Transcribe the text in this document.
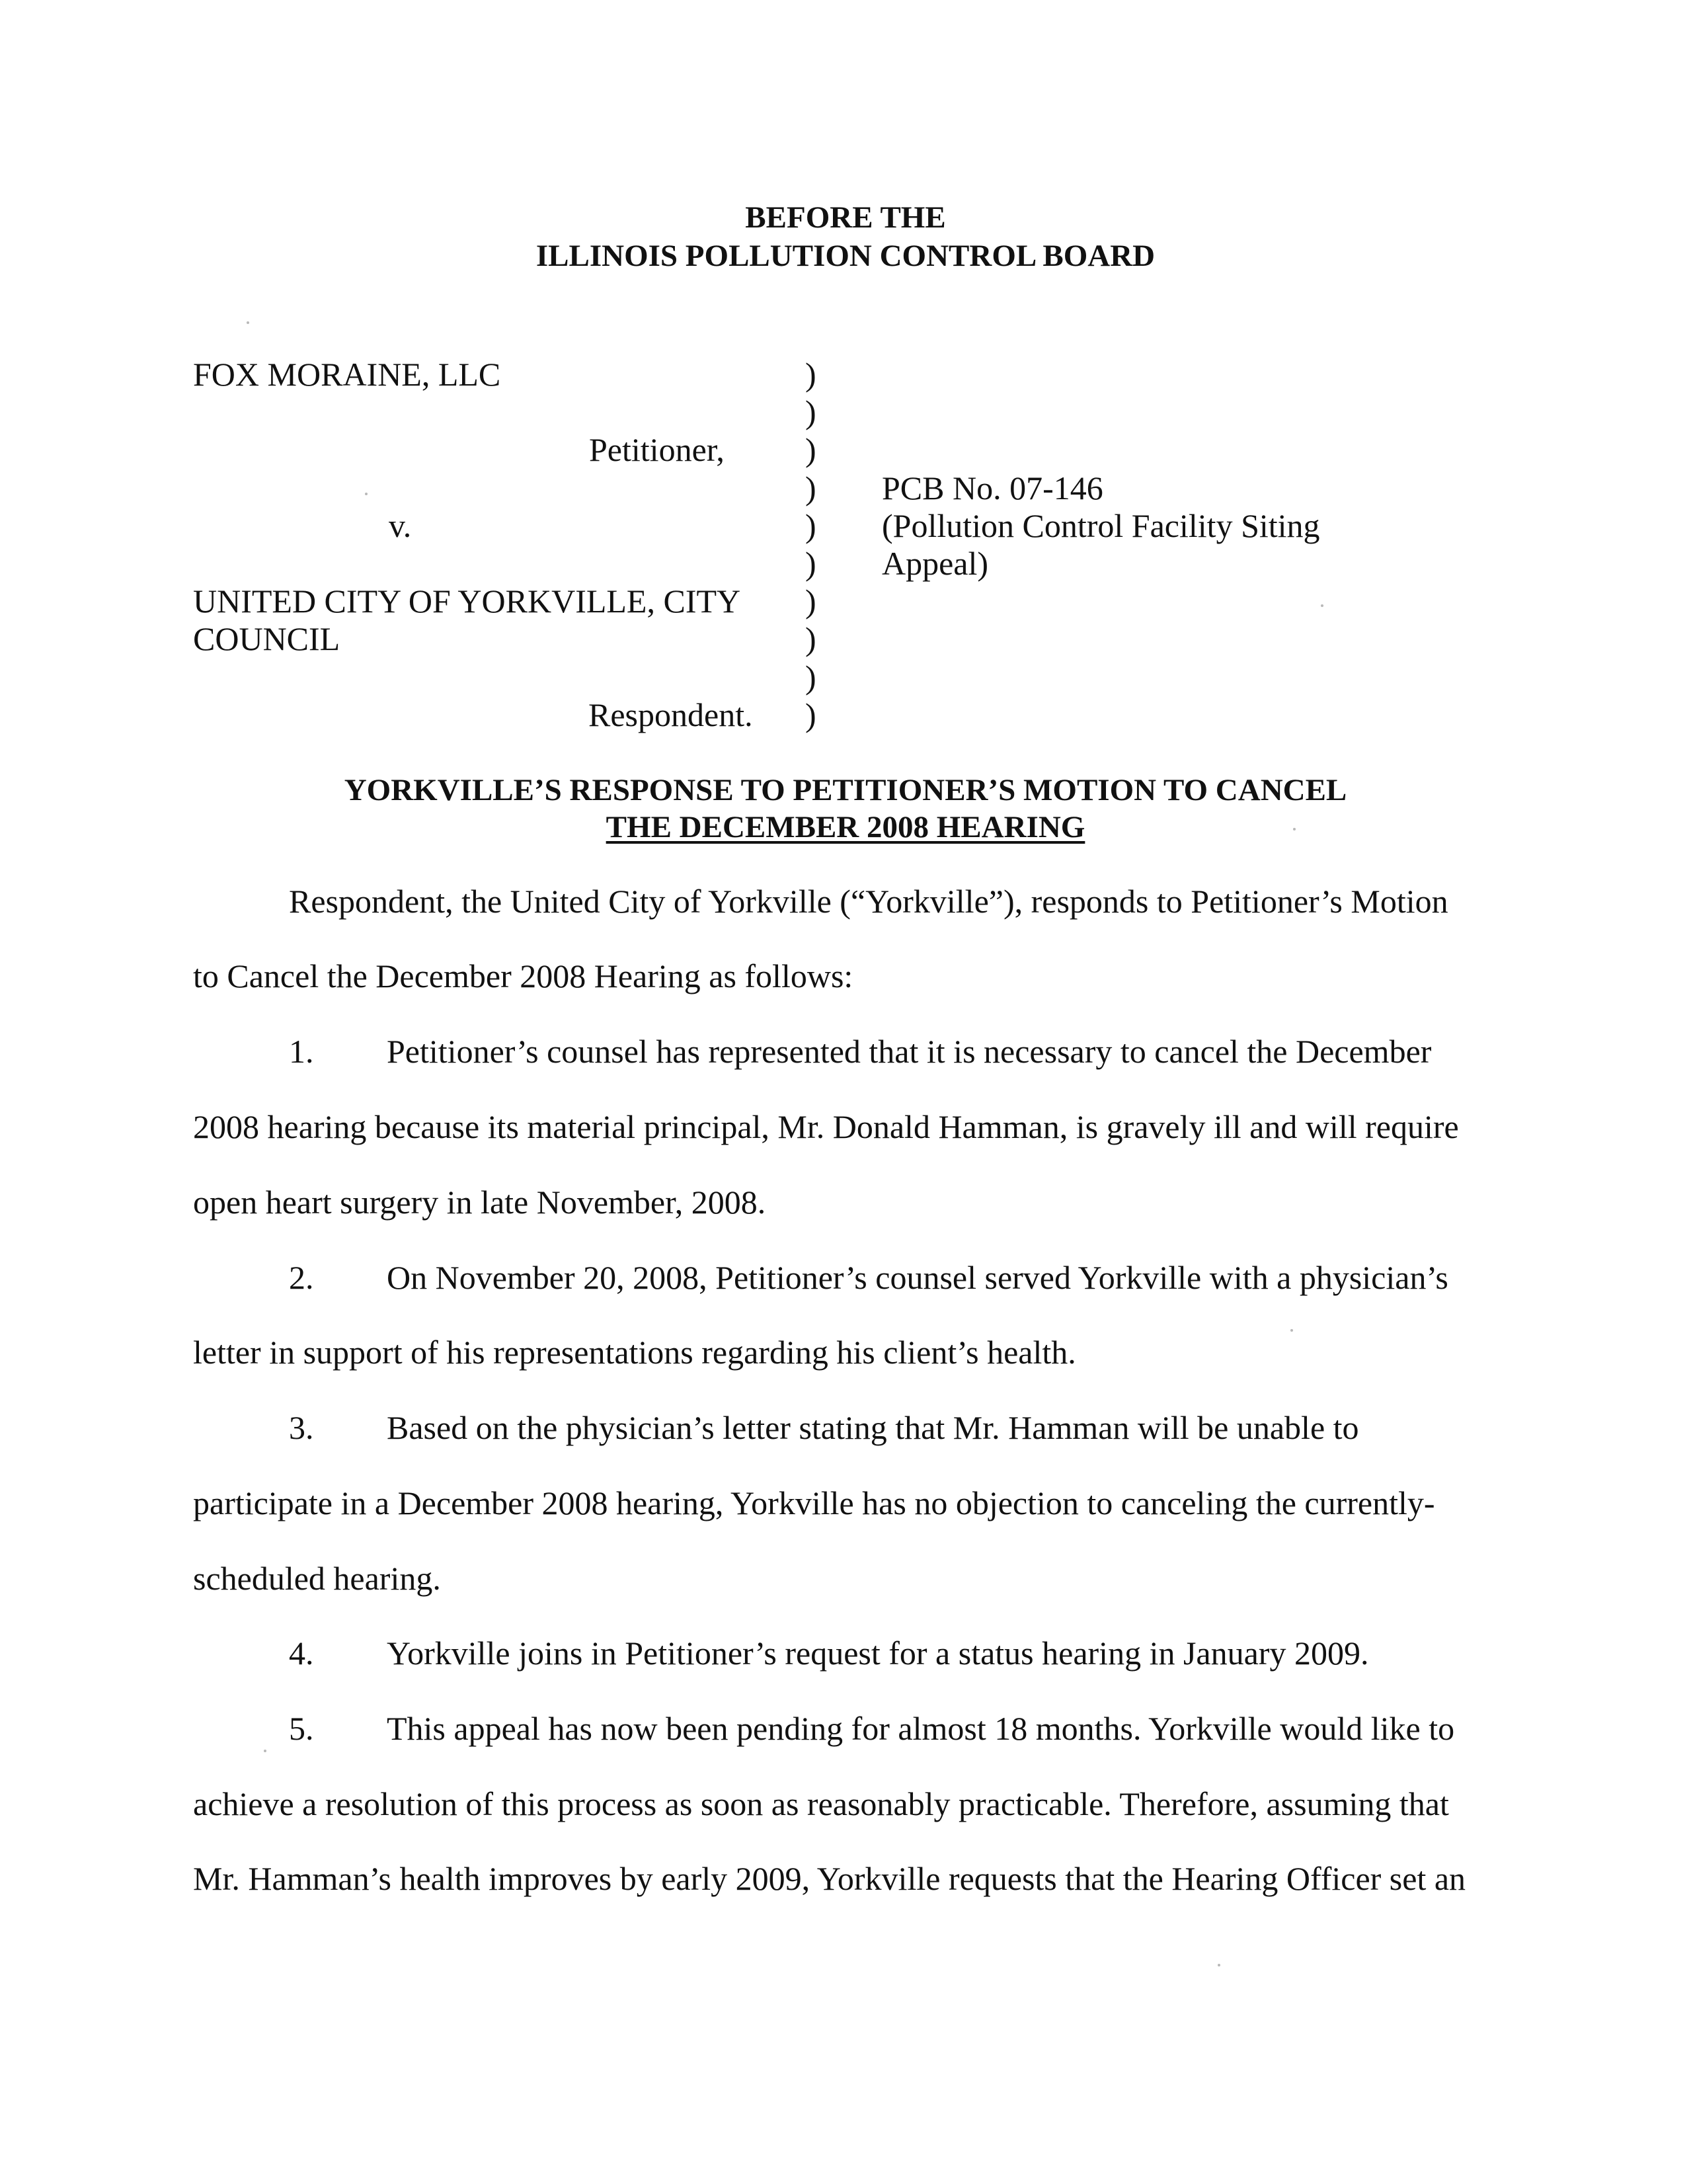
BEFORE THE
ILLINOIS POLLUTION CONTROL BOARD
FOX MORAINE, LLC
Petitioner,
v.
UNITED CITY OF YORKVILLE, CITY
COUNCIL
Respondent.
)
)
)
)
)
)
)
)
)
)
PCB No. 07-146
(Pollution Control Facility Siting
Appeal)
YORKVILLE’S RESPONSE TO PETITIONER’S MOTION TO CANCEL
THE DECEMBER 2008 HEARING
Respondent, the United City of Yorkville (“Yorkville”), responds to Petitioner’s Motion
to Cancel the December 2008 Hearing as follows:
1. Petitioner’s counsel has represented that it is necessary to cancel the December
2008 hearing because its material principal, Mr. Donald Hamman, is gravely ill and will require
open heart surgery in late November, 2008.
2. On November 20, 2008, Petitioner’s counsel served Yorkville with a physician’s
letter in support of his representations regarding his client’s health.
3. Based on the physician’s letter stating that Mr. Hamman will be unable to
participate in a December 2008 hearing, Yorkville has no objection to canceling the currently-
scheduled hearing.
4. Yorkville joins in Petitioner’s request for a status hearing in January 2009.
5. This appeal has now been pending for almost 18 months. Yorkville would like to
achieve a resolution of this process as soon as reasonably practicable. Therefore, assuming that
Mr. Hamman’s health improves by early 2009, Yorkville requests that the Hearing Officer set an
